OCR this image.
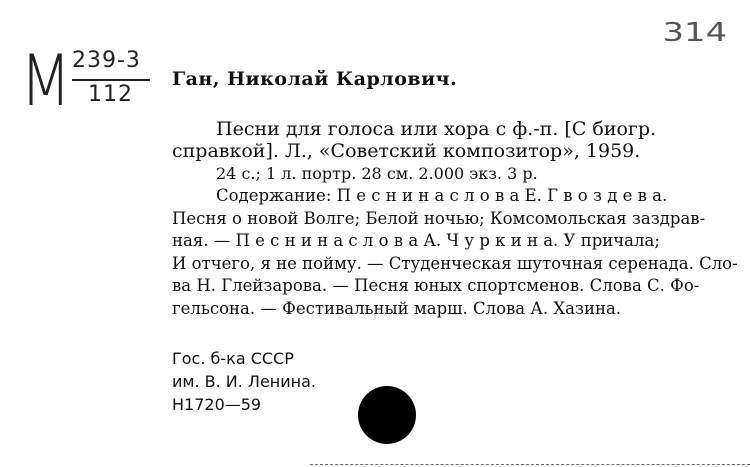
М 239-3
112
314
Ган, Николай Карлович.
Песни для голоса или хора с ф.-п. [С биогр.
справкой]. Л., «Советский композитор», 1959.
24 с.; 1 л. портр. 28 см. 2.000 экз. 3 р.
Содержание: П е с н и н а с л о в а Е. Г в о з д е в а.
Песня о новой Волге; Белой ночью; Комсомольская заздрав-
ная. — П е с н и н а с л о в а А. Ч у р к и н а. У причала;
И отчего, я не пойму. — Студенческая шуточная серенада. Сло-
ва Н. Глейзарова. — Песня юных спортсменов. Слова С. Фо-
гельсона. — Фестивальный марш. Слова А. Хазина.
Гос. б-ка СССР
им. В. И. Ленина.
Н1720—59
